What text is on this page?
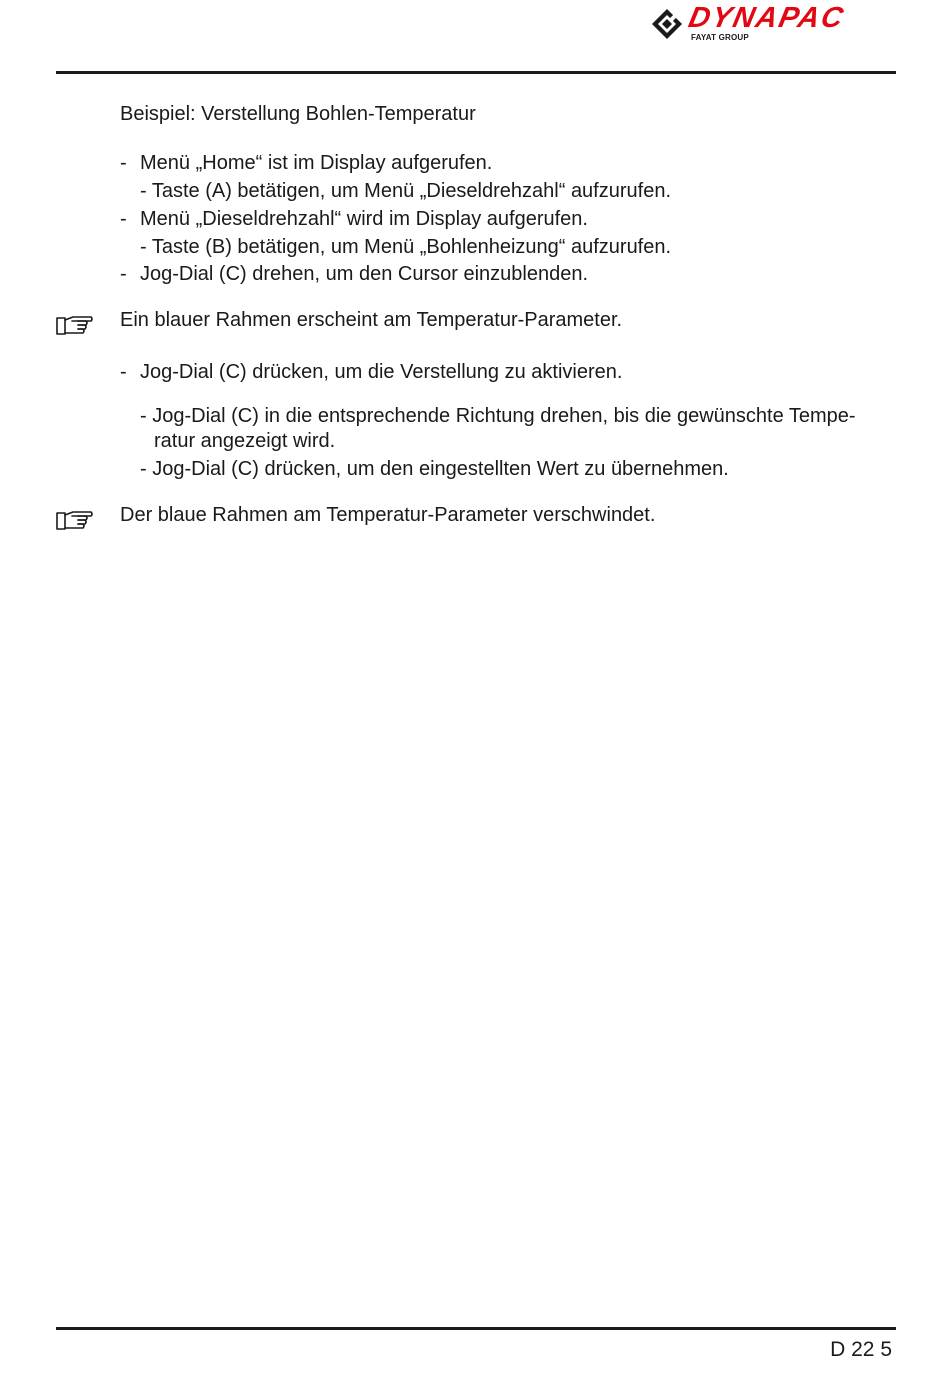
DYNAPAC
FAYAT GROUP
Beispiel: Verstellung Bohlen-Temperatur
- Menü „Home“ ist im Display aufgerufen.
- Taste (A) betätigen, um Menü „Dieseldrehzahl“ aufzurufen.
- Menü „Dieseldrehzahl“ wird im Display aufgerufen.
- Taste (B) betätigen, um Menü „Bohlenheizung“ aufzurufen.
- Jog-Dial (C) drehen, um den Cursor einzublenden.
Ein blauer Rahmen erscheint am Temperatur-Parameter.
- Jog-Dial (C) drücken, um die Verstellung zu aktivieren.
- Jog-Dial (C) in die entsprechende Richtung drehen, bis die gewünschte Tempe-
ratur angezeigt wird.
- Jog-Dial (C) drücken, um den eingestellten Wert zu übernehmen.
Der blaue Rahmen am Temperatur-Parameter verschwindet.
D 22 5
